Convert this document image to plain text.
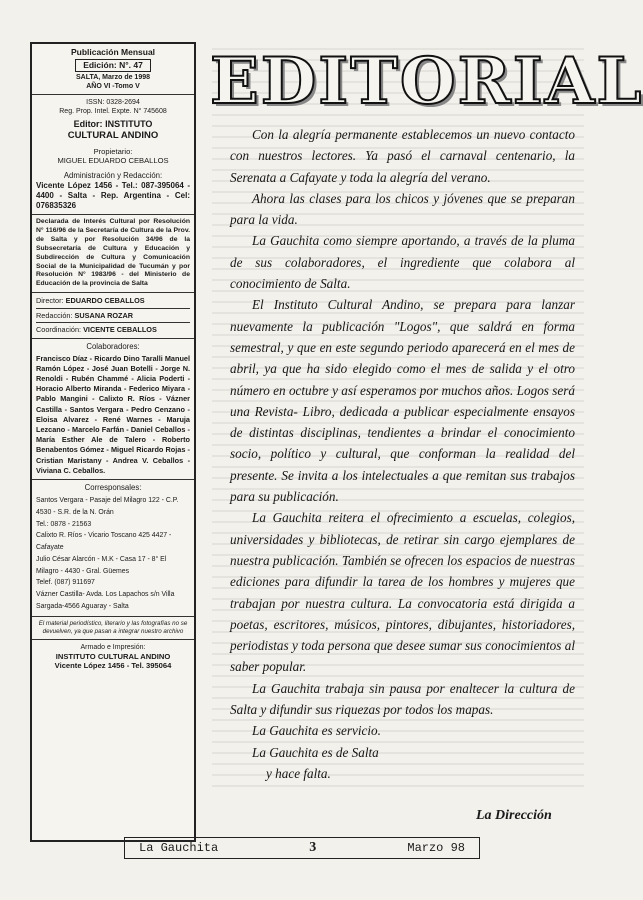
Publicación Mensual
Edición: N°. 47
SALTA, Marzo de 1998
AÑO VI -Tomo V
ISSN: 0328-2694
Reg. Prop. Intel. Expte. N° 745608
Editor: INSTITUTO
CULTURAL ANDINO
Propietario:
MIGUEL EDUARDO CEBALLOS
Administración y Redacción:
Vicente López 1456 - Tel.: 087-395064 - 4400 - Salta - Rep. Argentina - Cel: 076835326
Declarada de Interés Cultural por Resolución N° 116/96 de la Secretaría de Cultura de la Prov. de Salta y por Resolución 34/96 de la Subsecretaría de Cultura y Educación y Subdirección de Cultura y Comunicación Social de la Municipalidad de Tucumán y por Resolución N° 1983/96 - del Ministerio de Educación de la provincia de Salta
Director: EDUARDO CEBALLOS
Redacción: SUSANA ROZAR
Coordinación: VICENTE CEBALLOS
Colaboradores:
Francisco Díaz - Ricardo Dino Taralli Manuel Ramón López - José Juan Botelli - Jorge N. Renoldi - Rubén Chammé - Alicia Poderti - Horacio Alberto Miranda - Federico Miyara - Pablo Mangini - Calixto R. Ríos - Vázner Castilla - Santos Vergara - Pedro Cenzano - Eloisa Alvarez - René Warnes - Maruja Lezcano - Marcelo Farfán - Daniel Ceballos - María Esther Ale de Talero - Roberto Benabentos Gómez - Miguel Ricardo Rojas - Cristian Maristany - Andrea V. Ceballos - Viviana C. Ceballos.
Corresponsales:
Santos Vergara - Pasaje del Milagro 122 - C.P. 4530 - S.R. de la N. Orán
Tel.: 0878 - 21563
Calixto R. Ríos - Vicario Toscano 425 4427 - Cafayate
Julio César Alarcón - M.K - Casa 17 - 8° El Milagro - 4430 - Gral. Güemes
Telef. (087) 911697
Vázner Castilla- Avda. Los Lapachos s/n Villa Sargada-4566 Aguaray - Salta
El material periodístico, literario y las fotografías no se devuelven, ya que pasan a integrar nuestro archivo
Armado e Impresión:
INSTITUTO CULTURAL ANDINO
Vicente López 1456 - Tel. 395064
EDITORIAL

Con la alegría permanente establecemos un nuevo contacto con nuestros lectores. Ya pasó el carnaval centenario, la Serenata a Cafayate y toda la alegría del verano.

Ahora las clases para los chicos y jóvenes que se preparan para la vida.

La Gauchita como siempre aportando, a través de la pluma de sus colaboradores, el ingrediente que colabora al conocimiento de Salta.

El Instituto Cultural Andino, se prepara para lanzar nuevamente la publicación "Logos", que saldrá en forma semestral, y que en este segundo periodo aparecerá en el mes de abril, ya que ha sido elegido como el mes de salida y el otro número en octubre y así esperamos por muchos años. Logos será una Revista- Libro, dedicada a publicar especialmente ensayos de distintas disciplinas, tendientes a brindar el conocimiento socio, político y cultural, que conforman la realidad del presente. Se invita a los intelectuales a que remitan sus trabajos para su publicación.

La Gauchita reitera el ofrecimiento a escuelas, colegios, universidades y bibliotecas, de retirar sin cargo ejemplares de nuestra publicación. También se ofrecen los espacios de nuestras ediciones para difundir la tarea de los hombres y mujeres que trabajan por nuestra cultura. La convocatoria está dirigida a poetas, escritores, músicos, pintores, dibujantes, historiadores, periodistas y toda persona que desee sumar sus conocimientos al saber popular.

La Gauchita trabaja sin pausa por enaltecer la cultura de Salta y difundir sus riquezas por todos los mapas.

La Gauchita es servicio.

La Gauchita es de Salta

y hace falta.

La Dirección
La Gauchita	3	Marzo 98
